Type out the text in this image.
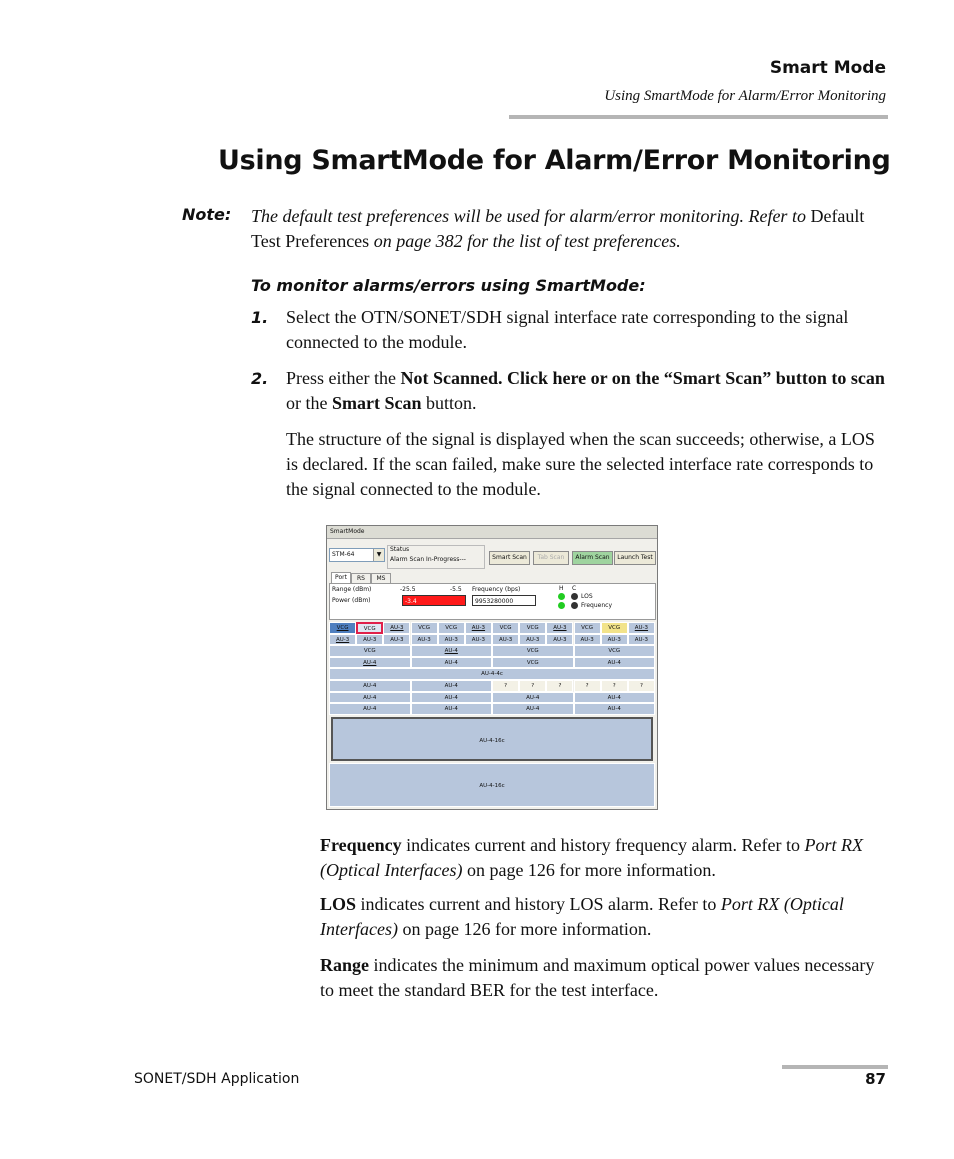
Smart Mode
Using SmartMode for Alarm/Error Monitoring
Using SmartMode for Alarm/Error Monitoring
Note: The default test preferences will be used for alarm/error monitoring. Refer to Default Test Preferences on page 382 for the list of test preferences.
To monitor alarms/errors using SmartMode:
1. Select the OTN/SONET/SDH signal interface rate corresponding to the signal connected to the module.
2. Press either the Not Scanned. Click here or on the “Smart Scan” button to scan or the Smart Scan button.
The structure of the signal is displayed when the scan succeeds; otherwise, a LOS is declared. If the scan failed, make sure the selected interface rate corresponds to the signal connected to the module.
SmartMode
STM-64	▼
Status
Alarm Scan In-Progress---	Smart Scan	Tab Scan	Alarm Scan	Launch Test
Port	RS	MS
Range (dBm)	-25.5	-5.5
Power (dBm)	-3.4
Frequency (bps)
9953280000
H C
LOS
Frequency
VCG	VCG	AU-3	VCG	VCG	AU-3	VCG	VCG	AU-3	VCG	VCG	AU-3
AU-3	AU-3	AU-3	AU-3	AU-3	AU-3	AU-3	AU-3	AU-3	AU-3	AU-3	AU-3
VCG	AU-4	VCG	VCG
AU-4	AU-4	VCG	AU-4
AU-4-4c
AU-4	AU-4	?	?	?	?	?	?
AU-4	AU-4	AU-4	AU-4
AU-4	AU-4	AU-4	AU-4
AU-4-16c
AU-4-16c
Frequency indicates current and history frequency alarm. Refer to Port RX (Optical Interfaces) on page 126 for more information.
LOS indicates current and history LOS alarm. Refer to Port RX (Optical Interfaces) on page 126 for more information.
Range indicates the minimum and maximum optical power values necessary to meet the standard BER for the test interface.
SONET/SDH Application	87
